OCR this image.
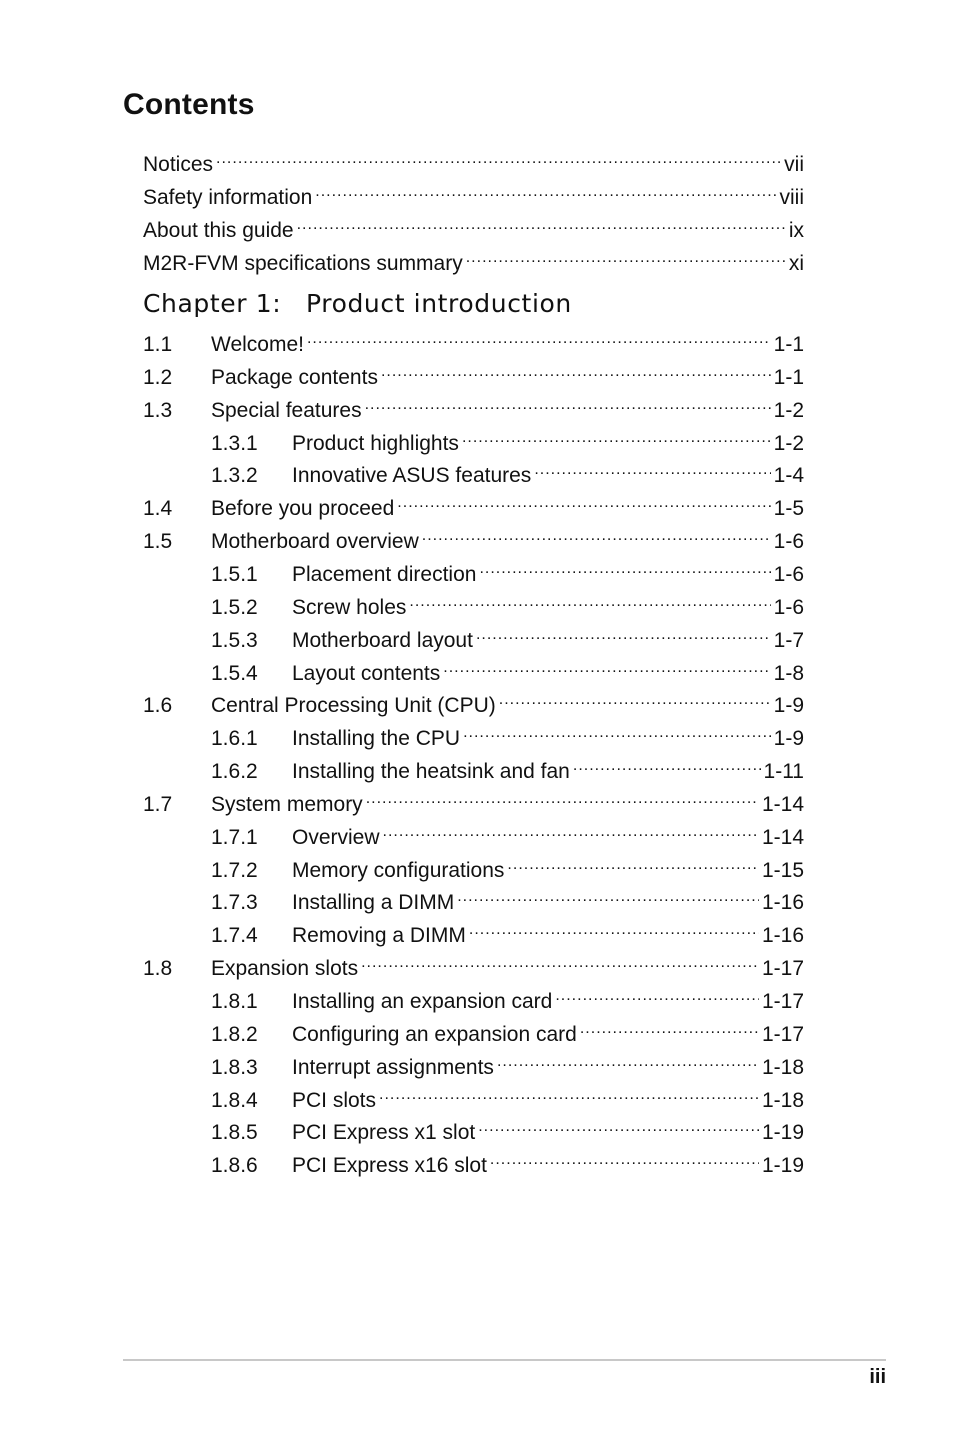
Contents
Notices .....	vii
Safety information .....	viii
About this guide .....	ix
M2R-FVM specifications summary .....	xi
Chapter 1: Product introduction
1.1	Welcome! .....	1-1
1.2	Package contents .....	1-1
1.3	Special features .....	1-2
1.3.1	Product highlights .....	1-2
1.3.2	Innovative ASUS features .....	1-4
1.4	Before you proceed .....	1-5
1.5	Motherboard overview .....	1-6
1.5.1	Placement direction .....	1-6
1.5.2	Screw holes .....	1-6
1.5.3	Motherboard layout .....	1-7
1.5.4	Layout contents .....	1-8
1.6	Central Processing Unit (CPU) .....	1-9
1.6.1	Installing the CPU .....	1-9
1.6.2	Installing the heatsink and fan .....	1-11
1.7	System memory .....	1-14
1.7.1	Overview .....	1-14
1.7.2	Memory configurations .....	1-15
1.7.3	Installing a DIMM .....	1-16
1.7.4	Removing a DIMM .....	1-16
1.8	Expansion slots .....	1-17
1.8.1	Installing an expansion card .....	1-17
1.8.2	Configuring an expansion card .....	1-17
1.8.3	Interrupt assignments .....	1-18
1.8.4	PCI slots .....	1-18
1.8.5	PCI Express x1 slot .....	1-19
1.8.6	PCI Express x16 slot .....	1-19
iii
